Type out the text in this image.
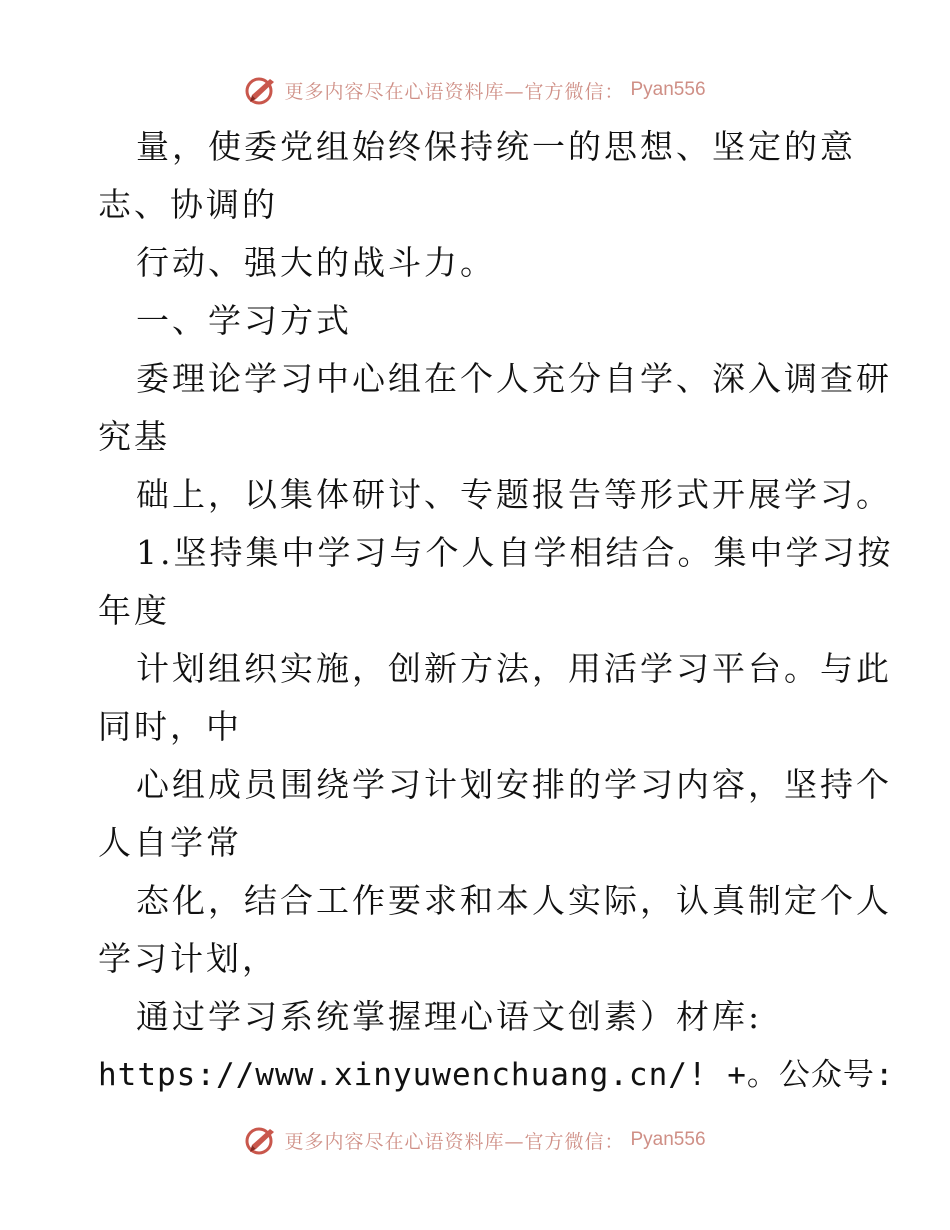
更多内容尽在心语资料库—官方微信： Pyan556
量，使委党组始终保持统一的思想、坚定的意
志、协调的
行动、强大的战斗力。
一、学习方式
委理论学习中心组在个人充分自学、深入调查研
究基
础上，以集体研讨、专题报告等形式开展学习。
1.坚持集中学习与个人自学相结合。集中学习按
年度
计划组织实施，创新方法，用活学习平台。与此
同时，中
心组成员围绕学习计划安排的学习内容，坚持个
人自学常
态化，结合工作要求和本人实际，认真制定个人
学习计划，
通过学习系统掌握理心语文创素）材库:
https://www.xinyuwenchuang.cn/! +。公众号:
更多内容尽在心语资料库—官方微信： Pyan556
